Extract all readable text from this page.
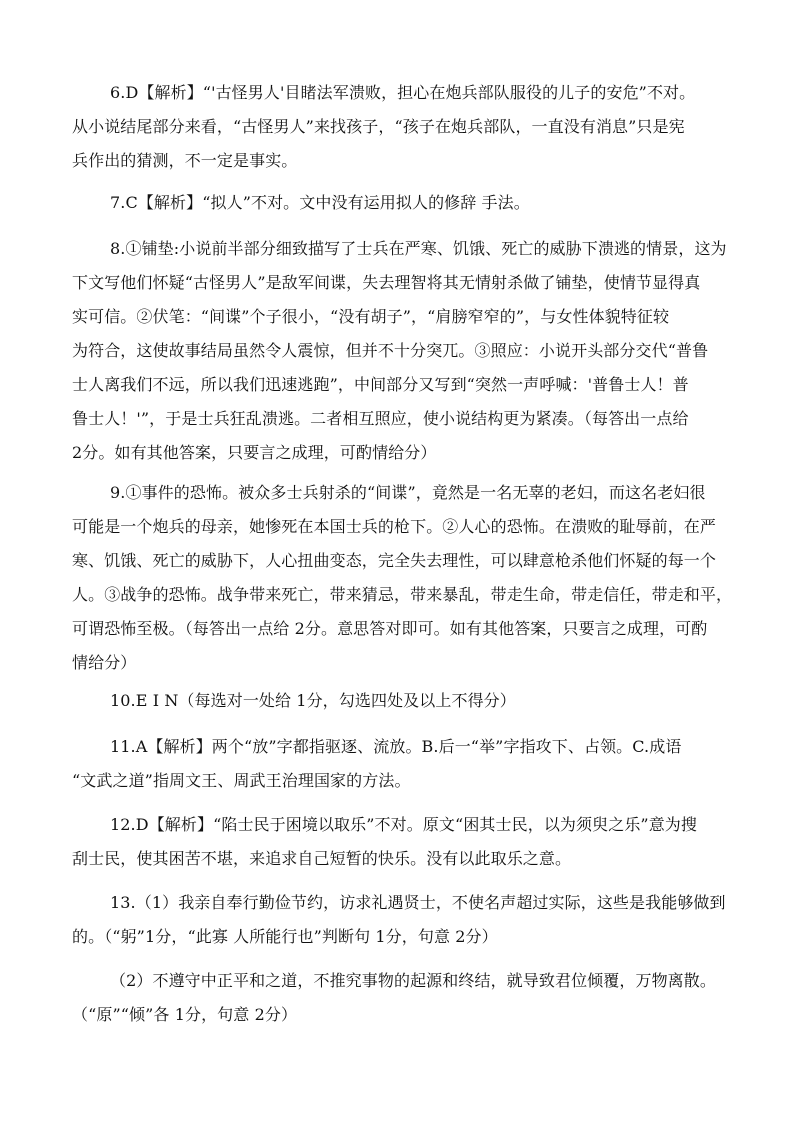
6.D【解析】“'古怪男人'目睹法军溃败，担心在炮兵部队服役的儿子的安危”不对。
从小说结尾部分来看，“古怪男人”来找孩子，“孩子在炮兵部队，一直没有消息”只是宪
兵作出的猜测，不一定是事实。
7.C【解析】“拟人”不对。文中没有运用拟人的修辞 手法。
8.①铺垫:小说前半部分细致描写了士兵在严寒、饥饿、死亡的威胁下溃逃的情景，这为
下文写他们怀疑“古怪男人”是敌军间谍，失去理智将其无情射杀做了铺垫，使情节显得真
实可信。②伏笔：“间谍”个子很小，“没有胡子”，“肩膀窄窄的”，与女性体貌特征较
为符合，这使故事结局虽然令人震惊，但并不十分突兀。③照应：小说开头部分交代“普鲁
士人离我们不远，所以我们迅速逃跑”，中间部分又写到“突然一声呼喊：'普鲁士人！普
鲁士人！'”，于是士兵狂乱溃逃。二者相互照应，使小说结构更为紧凑。（每答出一点给
2分。如有其他答案，只要言之成理，可酌情给分）
9.①事件的恐怖。被众多士兵射杀的“间谍”，竟然是一名无辜的老妇，而这名老妇很
可能是一个炮兵的母亲，她惨死在本国士兵的枪下。②人心的恐怖。在溃败的耻辱前，在严
寒、饥饿、死亡的威胁下，人心扭曲变态，完全失去理性，可以肆意枪杀他们怀疑的每一个
人。③战争的恐怖。战争带来死亡，带来猜忌，带来暴乱，带走生命，带走信任，带走和平，
可谓恐怖至极。（每答出一点给 2分。意思答对即可。如有其他答案，只要言之成理，可酌
情给分）
10.E I N（每选对一处给 1分，勾选四处及以上不得分）
11.A【解析】两个“放”字都指驱逐、流放。B.后一“举”字指攻下、占领。C.成语
“文武之道”指周文王、周武王治理国家的方法。
12.D【解析】“陷士民于困境以取乐”不对。原文“困其士民，以为须臾之乐”意为搜
刮士民，使其困苦不堪，来追求自己短暂的快乐。没有以此取乐之意。
13.（1）我亲自奉行勤俭节约，访求礼遇贤士，不使名声超过实际，这些是我能够做到
的。（“躬”1分，“此寡 人所能行也”判断句 1分，句意 2分）
（2）不遵守中正平和之道，不推究事物的起源和终结，就导致君位倾覆，万物离散。
（“原”“倾”各 1分，句意 2分）
